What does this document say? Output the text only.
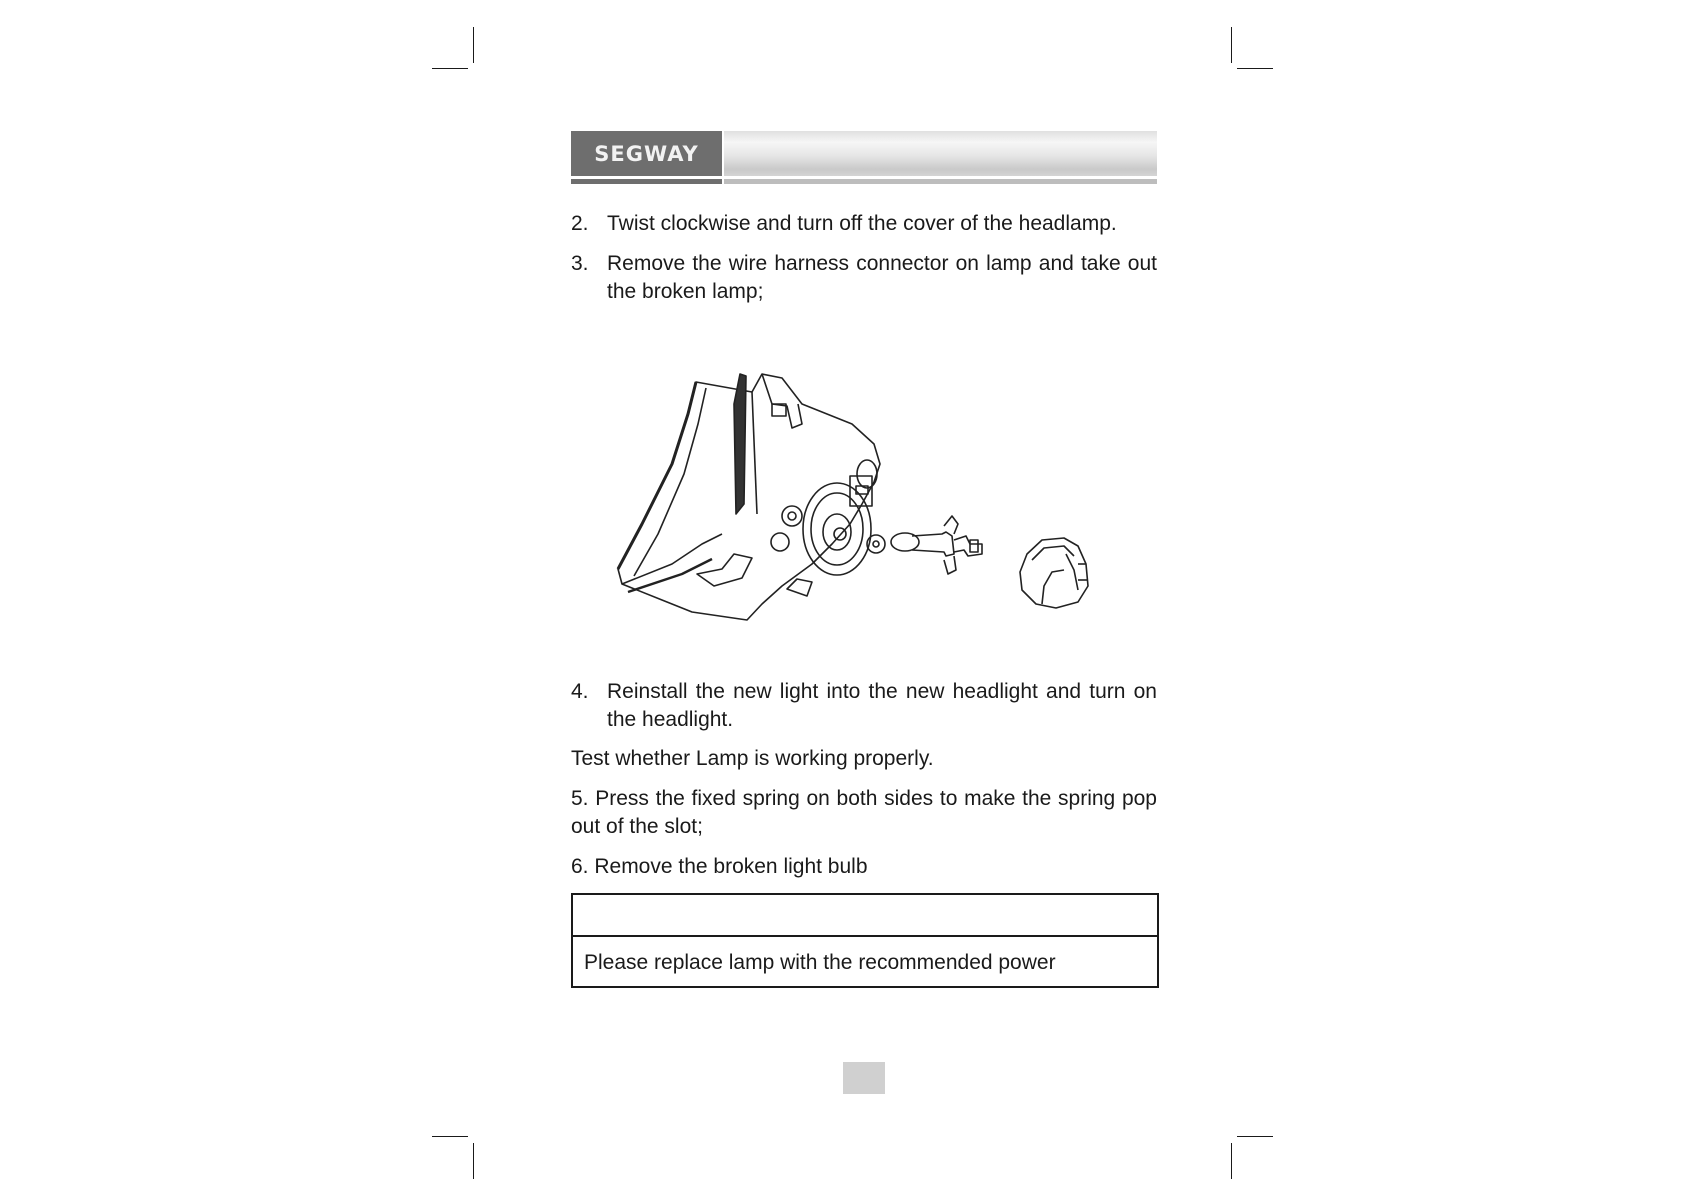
SEGWAY
2. Twist clockwise and turn off the cover of the headlamp.
3. Remove the wire harness connector on lamp and take out the broken lamp;
4. Reinstall the new light into the new headlight and turn on the headlight.
Test whether Lamp is working properly.
5. Press the fixed spring on both sides to make the spring pop out of the slot;
6. Remove the broken light bulb
Please replace lamp with the recommended power
